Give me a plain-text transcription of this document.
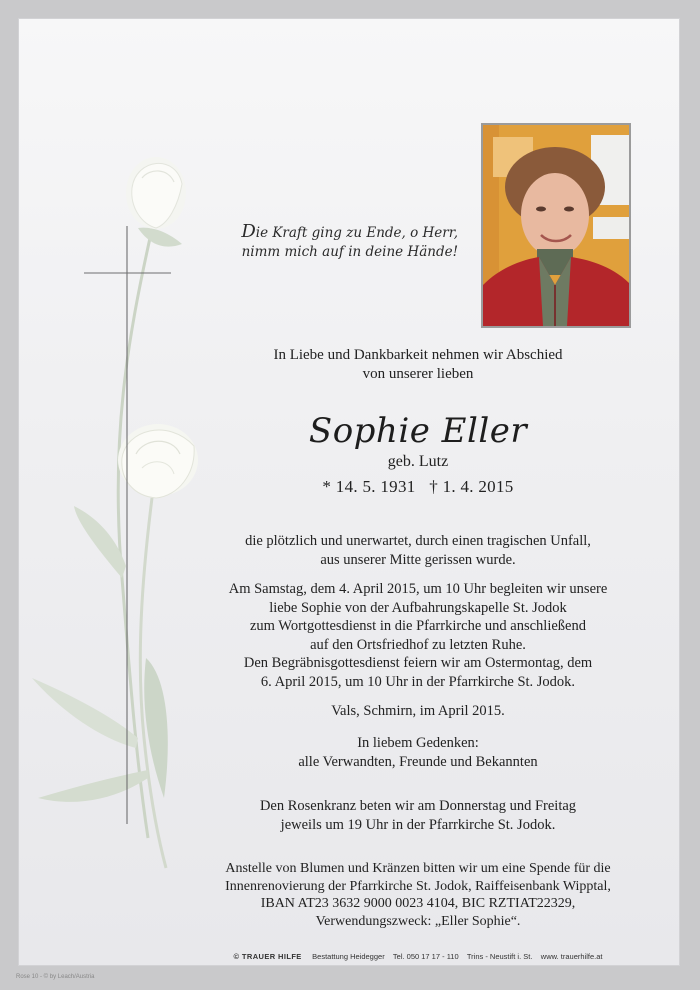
Die Kraft ging zu Ende, o Herr,
nimm mich auf in deine Hände!
In Liebe und Dankbarkeit nehmen wir Abschied
von unserer lieben
Sophie Eller
geb. Lutz
* 14. 5. 1931   † 1. 4. 2015
die plötzlich und unerwartet, durch einen tragischen Unfall,
aus unserer Mitte gerissen wurde.
Am Samstag, dem 4. April 2015, um 10 Uhr begleiten wir unsere
liebe Sophie von der Aufbahrungskapelle St. Jodok
zum Wortgottesdienst in die Pfarrkirche und anschließend
auf den Ortsfriedhof zu letzten Ruhe.
Den Begräbnisgottesdienst feiern wir am Ostermontag, dem
6. April 2015, um 10 Uhr in der Pfarrkirche St. Jodok.
Vals, Schmirn, im April 2015.
In liebem Gedenken:
alle Verwandten, Freunde und Bekannten
Den Rosenkranz beten wir am Donnerstag und Freitag
jeweils um 19 Uhr in der Pfarrkirche St. Jodok.
Anstelle von Blumen und Kränzen bitten wir um eine Spende für die
Innenrenovierung der Pfarrkirche St. Jodok, Raiffeisenbank Wipptal,
IBAN AT23 3632 9000 0023 4104, BIC RZTIAT22329,
Verwendungszweck: „Eller Sophie“.
© TRAUER HILFE Bestattung Heidegger Tel. 050 17 17 - 110 Trins - Neustift i. St. www. trauerhilfe.at
Rose 10 - © by Leach/Austria
